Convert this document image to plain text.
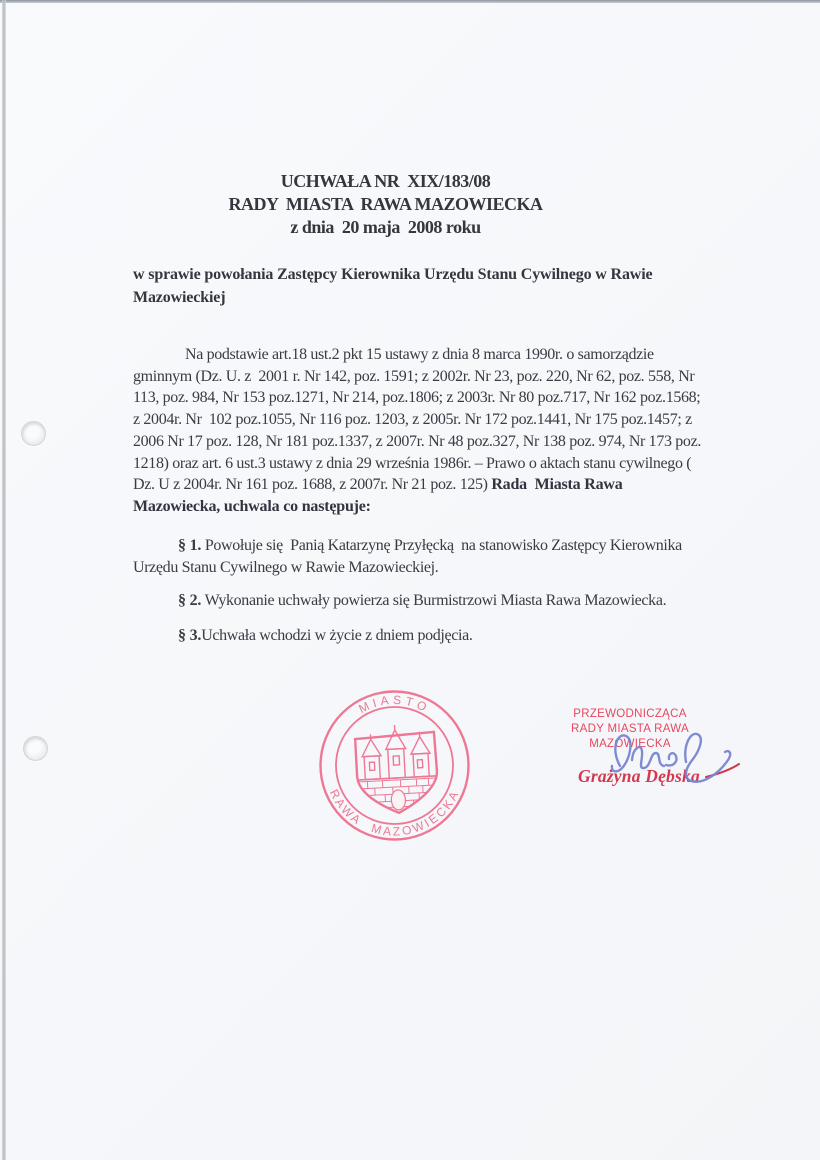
UCHWAŁA NR  XIX/183/08
RADY  MIASTA  RAWA MAZOWIECKA
z dnia  20 maja  2008 roku

w sprawie powołania Zastępcy Kierownika Urzędu Stanu Cywilnego w Rawie Mazowieckiej

Na podstawie art.18 ust.2 pkt 15 ustawy z dnia 8 marca 1990r. o samorządzie gminnym (Dz. U. z  2001 r. Nr 142, poz. 1591; z 2002r. Nr 23, poz. 220, Nr 62, poz. 558, Nr 113, poz. 984, Nr 153 poz.1271, Nr 214, poz.1806; z 2003r. Nr 80 poz.717, Nr 162 poz.1568; z 2004r. Nr  102 poz.1055, Nr 116 poz. 1203, z 2005r. Nr 172 poz.1441, Nr 175 poz.1457; z 2006 Nr 17 poz. 128, Nr 181 poz.1337, z 2007r. Nr 48 poz.327, Nr 138 poz. 974, Nr 173 poz. 1218) oraz art. 6 ust.3 ustawy z dnia 29 września 1986r. – Prawo o aktach stanu cywilnego ( Dz. U z 2004r. Nr 161 poz. 1688, z 2007r. Nr 21 poz. 125) Rada  Miasta Rawa Mazowiecka, uchwala co następuje:

§ 1. Powołuje się  Panią Katarzynę Przyłęcką  na stanowisko Zastępcy Kierownika Urzędu Stanu Cywilnego w Rawie Mazowieckiej.

§ 2. Wykonanie uchwały powierza się Burmistrzowi Miasta Rawa Mazowiecka.

§ 3.Uchwała wchodzi w życie z dniem podjęcia.

MIASTO
RAWA MAZOWIECKA
PRZEWODNICZĄCA
RADY MIASTA RAWA MAZOWIECKA
Grażyna Dębska
